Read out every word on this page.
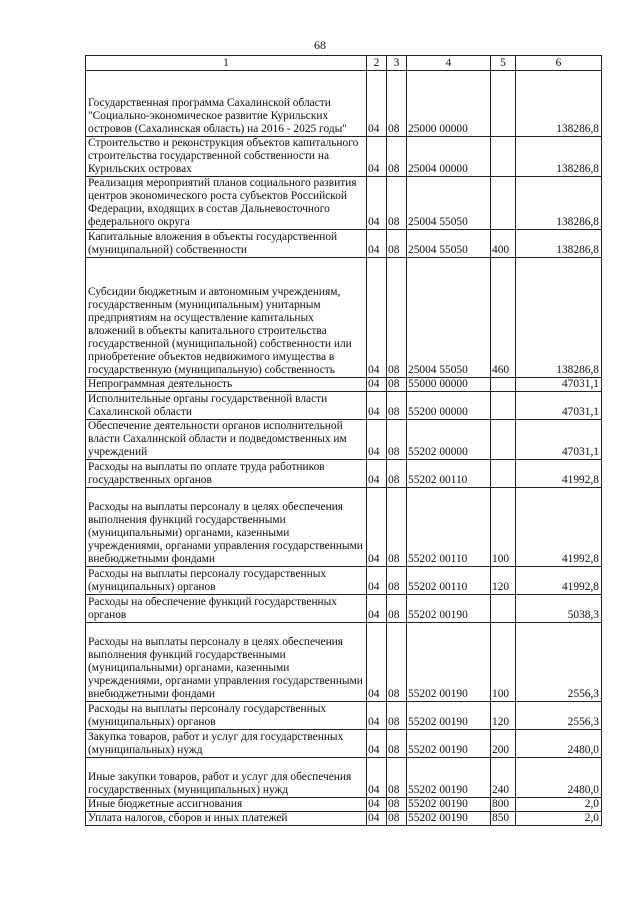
68
1	2	3	4	5	6
Государственная программа Сахалинской области "Социально-экономическое развитие Курильских островов (Сахалинская область) на 2016 - 2025 годы"	04	08	25000 00000		138286,8
Строительство и реконструкция объектов капитального строительства государственной собственности на Курильских островах	04	08	25004 00000		138286,8
Реализация мероприятий планов социального развития центров экономического роста субъектов Российской Федерации, входящих в состав Дальневосточного федерального округа	04	08	25004 55050		138286,8
Капитальные вложения в объекты государственной (муниципальной) собственности	04	08	25004 55050	400	138286,8
Субсидии бюджетным и автономным учреждениям, государственным (муниципальным) унитарным предприятиям на осуществление капитальных вложений в объекты капитального строительства государственной (муниципальной) собственности или приобретение объектов недвижимого имущества в государственную (муниципальную) собственность	04	08	25004 55050	460	138286,8
Непрограммная деятельность	04	08	55000 00000		47031,1
Исполнительные органы государственной власти Сахалинской области	04	08	55200 00000		47031,1
Обеспечение деятельности органов исполнительной власти Сахалинской области и подведомственных им учреждений	04	08	55202 00000		47031,1
Расходы на выплаты по оплате труда работников государственных органов	04	08	55202 00110		41992,8
Расходы на выплаты персоналу в целях обеспечения выполнения функций государственными (муниципальными) органами, казенными учреждениями, органами управления государственными внебюджетными фондами	04	08	55202 00110	100	41992,8
Расходы на выплаты персоналу государственных (муниципальных) органов	04	08	55202 00110	120	41992,8
Расходы на обеспечение функций государственных органов	04	08	55202 00190		5038,3
Расходы на выплаты персоналу в целях обеспечения выполнения функций государственными (муниципальными) органами, казенными учреждениями, органами управления государственными внебюджетными фондами	04	08	55202 00190	100	2556,3
Расходы на выплаты персоналу государственных (муниципальных) органов	04	08	55202 00190	120	2556,3
Закупка товаров, работ и услуг для государственных (муниципальных) нужд	04	08	55202 00190	200	2480,0
Иные закупки товаров, работ и услуг для обеспечения государственных (муниципальных) нужд	04	08	55202 00190	240	2480,0
Иные бюджетные ассигнования	04	08	55202 00190	800	2,0
Уплата налогов, сборов и иных платежей	04	08	55202 00190	850	2,0
